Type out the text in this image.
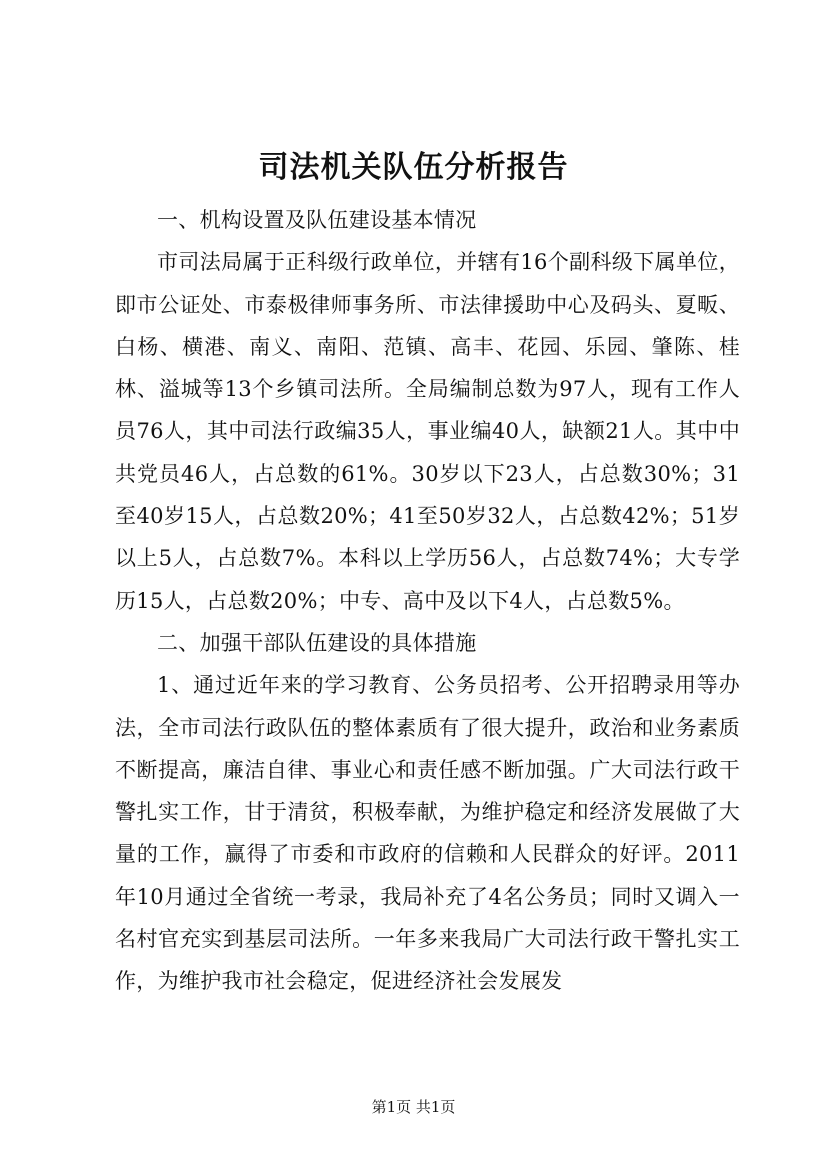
司法机关队伍分析报告

一、机构设置及队伍建设基本情况

市司法局属于正科级行政单位，并辖有16个副科级下属单位，即市公证处、市泰极律师事务所、市法律援助中心及码头、夏畈、白杨、横港、南义、南阳、范镇、高丰、花园、乐园、肇陈、桂林、溢城等13个乡镇司法所。全局编制总数为97人，现有工作人员76人，其中司法行政编35人，事业编40人，缺额21人。其中中共党员46人，占总数的61%。30岁以下23人，占总数30%；31至40岁15人，占总数20%；41至50岁32人，占总数42%；51岁以上5人，占总数7%。本科以上学历56人，占总数74%；大专学历15人，占总数20%；中专、高中及以下4人，占总数5%。

二、加强干部队伍建设的具体措施

1、通过近年来的学习教育、公务员招考、公开招聘录用等办法，全市司法行政队伍的整体素质有了很大提升，政治和业务素质不断提高，廉洁自律、事业心和责任感不断加强。广大司法行政干警扎实工作，甘于清贫，积极奉献，为维护稳定和经济发展做了大量的工作，赢得了市委和市政府的信赖和人民群众的好评。2011年10月通过全省统一考录，我局补充了4名公务员；同时又调入一名村官充实到基层司法所。一年多来我局广大司法行政干警扎实工作，为维护我市社会稳定，促进经济社会发展发

第1页 共1页
